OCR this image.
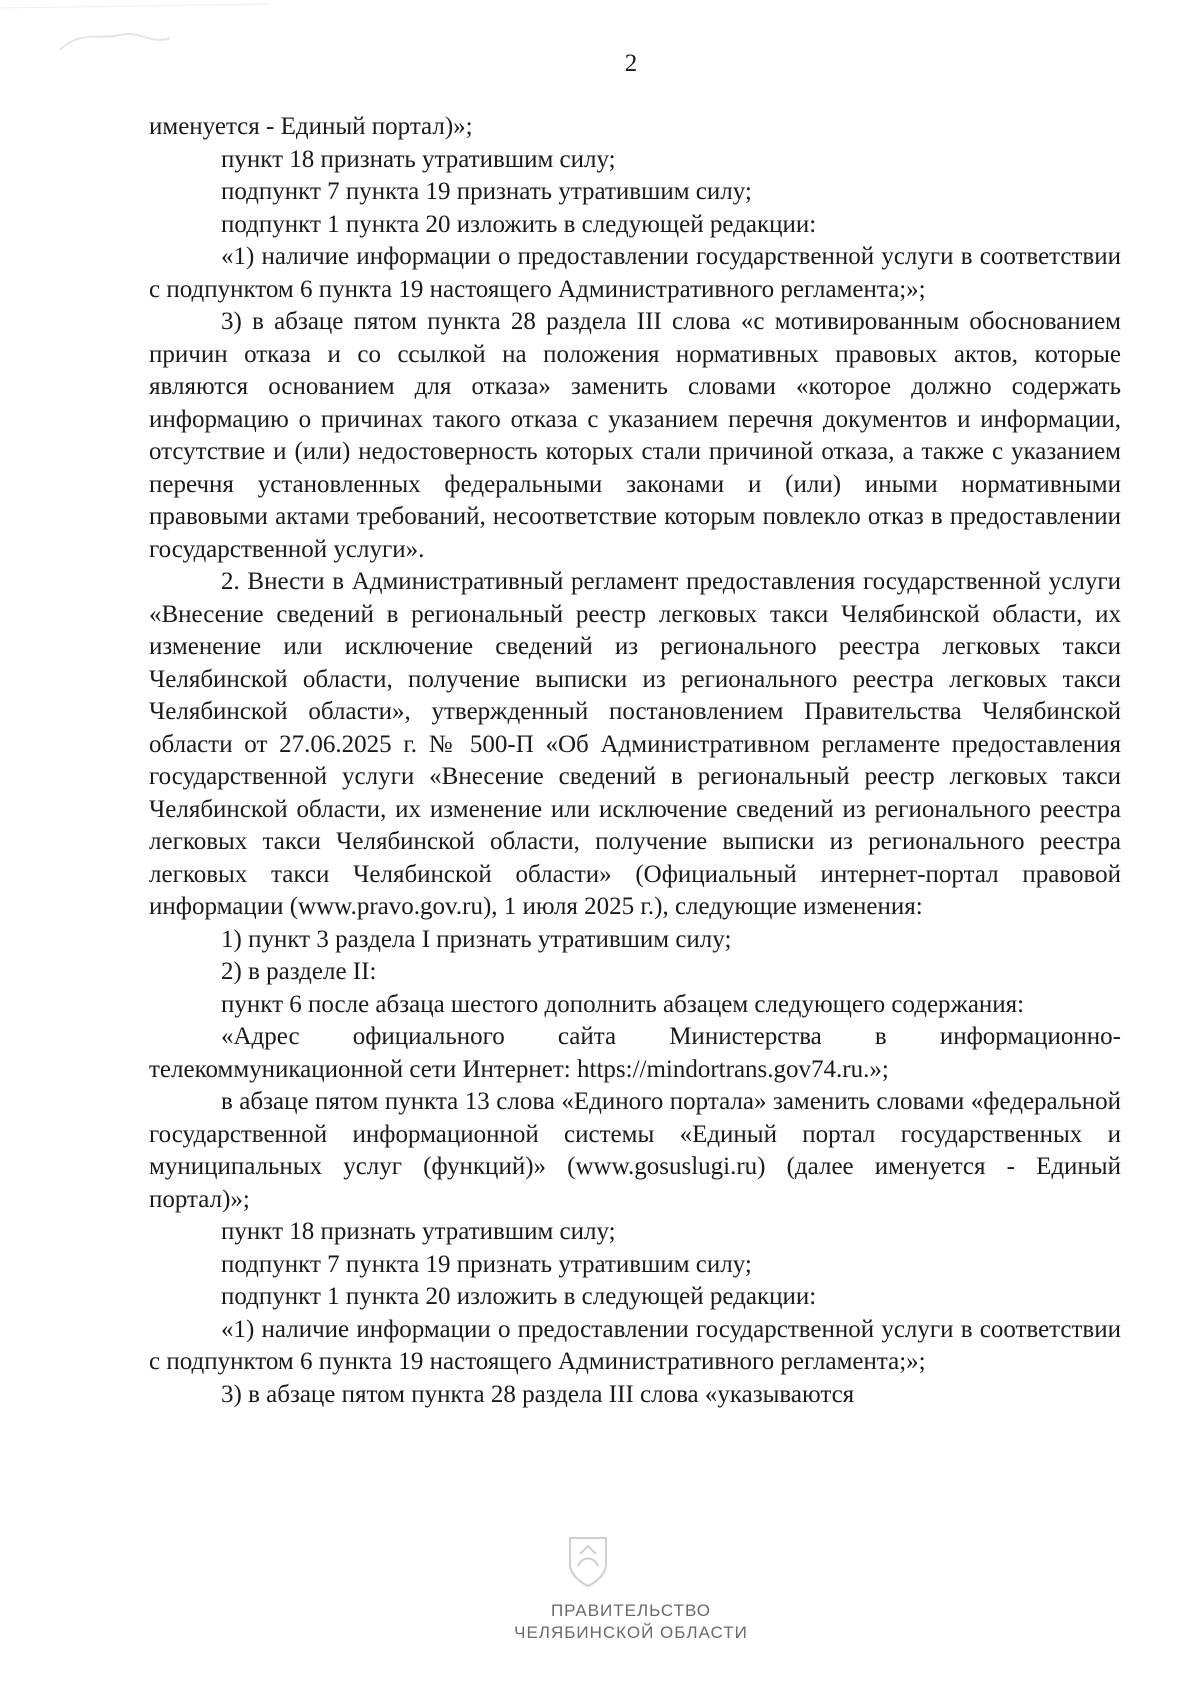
2

именуется - Единый портал)»;

пункт 18 признать утратившим силу;

подпункт 7 пункта 19 признать утратившим силу;

подпункт 1 пункта 20 изложить в следующей редакции:

«1) наличие информации о предоставлении государственной услуги в соответствии с подпунктом 6 пункта 19 настоящего Административного регламента;»;

3) в абзаце пятом пункта 28 раздела III слова «с мотивированным обоснованием причин отказа и со ссылкой на положения нормативных правовых актов, которые являются основанием для отказа» заменить словами «которое должно содержать информацию о причинах такого отказа с указанием перечня документов и информации, отсутствие и (или) недостоверность которых стали причиной отказа, а также с указанием перечня установленных федеральными законами и (или) иными нормативными правовыми актами требований, несоответствие которым повлекло отказ в предоставлении государственной услуги».

2. Внести в Административный регламент предоставления государственной услуги «Внесение сведений в региональный реестр легковых такси Челябинской области, их изменение или исключение сведений из регионального реестра легковых такси Челябинской области, получение выписки из регионального реестра легковых такси Челябинской области», утвержденный постановлением Правительства Челябинской области от 27.06.2025 г. № 500-П «Об Административном регламенте предоставления государственной услуги «Внесение сведений в региональный реестр легковых такси Челябинской области, их изменение или исключение сведений из регионального реестра легковых такси Челябинской области, получение выписки из регионального реестра легковых такси Челябинской области» (Официальный интернет-портал правовой информации (www.pravo.gov.ru), 1 июля 2025 г.), следующие изменения:

1) пункт 3 раздела I признать утратившим силу;

2) в разделе II:

пункт 6 после абзаца шестого дополнить абзацем следующего содержания:

«Адрес официального сайта Министерства в информационно-телекоммуникационной сети Интернет: https://mindortrans.gov74.ru.»;

в абзаце пятом пункта 13 слова «Единого портала» заменить словами «федеральной государственной информационной системы «Единый портал государственных и муниципальных услуг (функций)» (www.gosuslugi.ru) (далее именуется - Единый портал)»;

пункт 18 признать утратившим силу;

подпункт 7 пункта 19 признать утратившим силу;

подпункт 1 пункта 20 изложить в следующей редакции:

«1) наличие информации о предоставлении государственной услуги в соответствии с подпунктом 6 пункта 19 настоящего Административного регламента;»;

3) в абзаце пятом пункта 28 раздела III слова «указываются

ПРАВИТЕЛЬСТВО
ЧЕЛЯБИНСКОЙ ОБЛАСТИ
